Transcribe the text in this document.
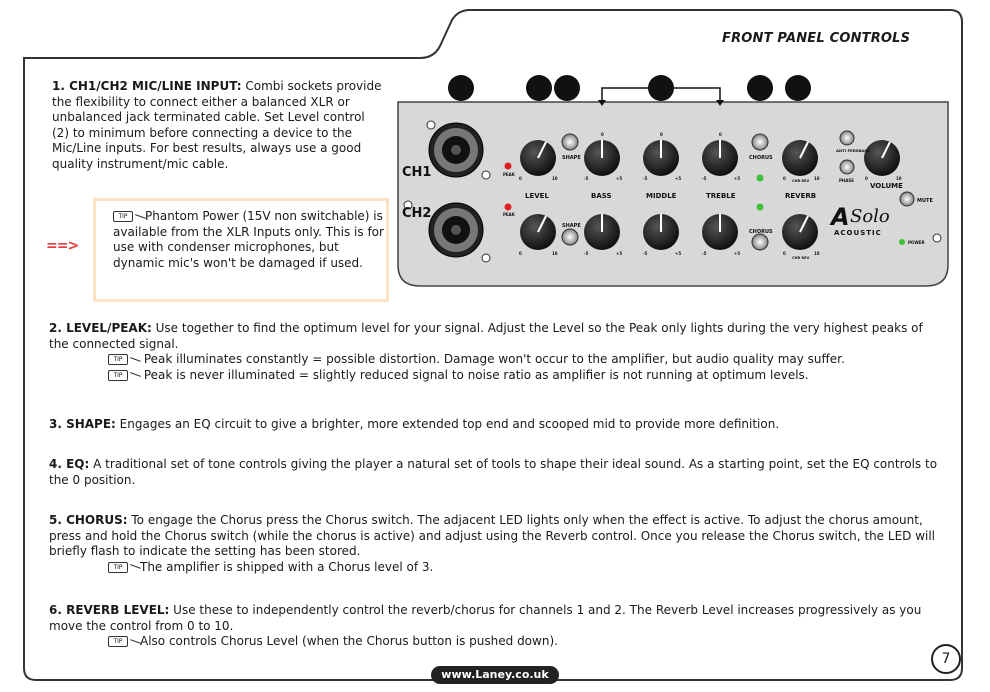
FRONT PANEL CONTROLS
1. CH1/CH2 MIC/LINE INPUT: Combi sockets provide the flexibility to connect either a balanced XLR or unbalanced jack terminated cable. Set Level control (2) to minimum before connecting a device to the Mic/Line inputs. For best results, always use a good quality instrument/mic cable.
==>
TIP Phantom Power (15V non switchable) is available from the XLR Inputs only. This is for use with condenser microphones, but dynamic mic's won't be damaged if used.
1	2 3	4	5 6
CH1
CH2
PEAK
PEAK
SHAPE
SHAPE
CHORUS
CHORUS
ANTI FEEDBACK
PHASE
MUTE
LEVEL	BASS	MIDDLE	TREBLE	REVERB
VOLUME
0	10	-5	+5
0	0	0
-5	+5	-5	+5	0	10
CHR REV	0	10
0	10	-5	+5	-5	+5	-5	+5	0	10
CHR REV
A Solo
ACOUSTIC
POWER
2. LEVEL/PEAK: Use together to find the optimum level for your signal. Adjust the Level so the Peak only lights during the very highest peaks of the connected signal.
TIP Peak illuminates constantly = possible distortion. Damage won't occur to the amplifier, but audio quality may suffer.
TIP Peak is never illuminated = slightly reduced signal to noise ratio as amplifier is not running at optimum levels.
3. SHAPE: Engages an EQ circuit to give a brighter, more extended top end and scooped mid to provide more definition.
4. EQ: A traditional set of tone controls giving the player a natural set of tools to shape their ideal sound. As a starting point, set the EQ controls to the 0 position.
5. CHORUS: To engage the Chorus press the Chorus switch. The adjacent LED lights only when the effect is active. To adjust the chorus amount, press and hold the Chorus switch (while the chorus is active) and adjust using the Reverb control. Once you release the Chorus switch, the LED will briefly flash to indicate the setting has been stored.
TIP The amplifier is shipped with a Chorus level of 3.
6. REVERB LEVEL: Use these to independently control the reverb/chorus for channels 1 and 2. The Reverb Level increases progressively as you move the control from 0 to 10.
TIP Also controls Chorus Level (when the Chorus button is pushed down).
7
www.Laney.co.uk
